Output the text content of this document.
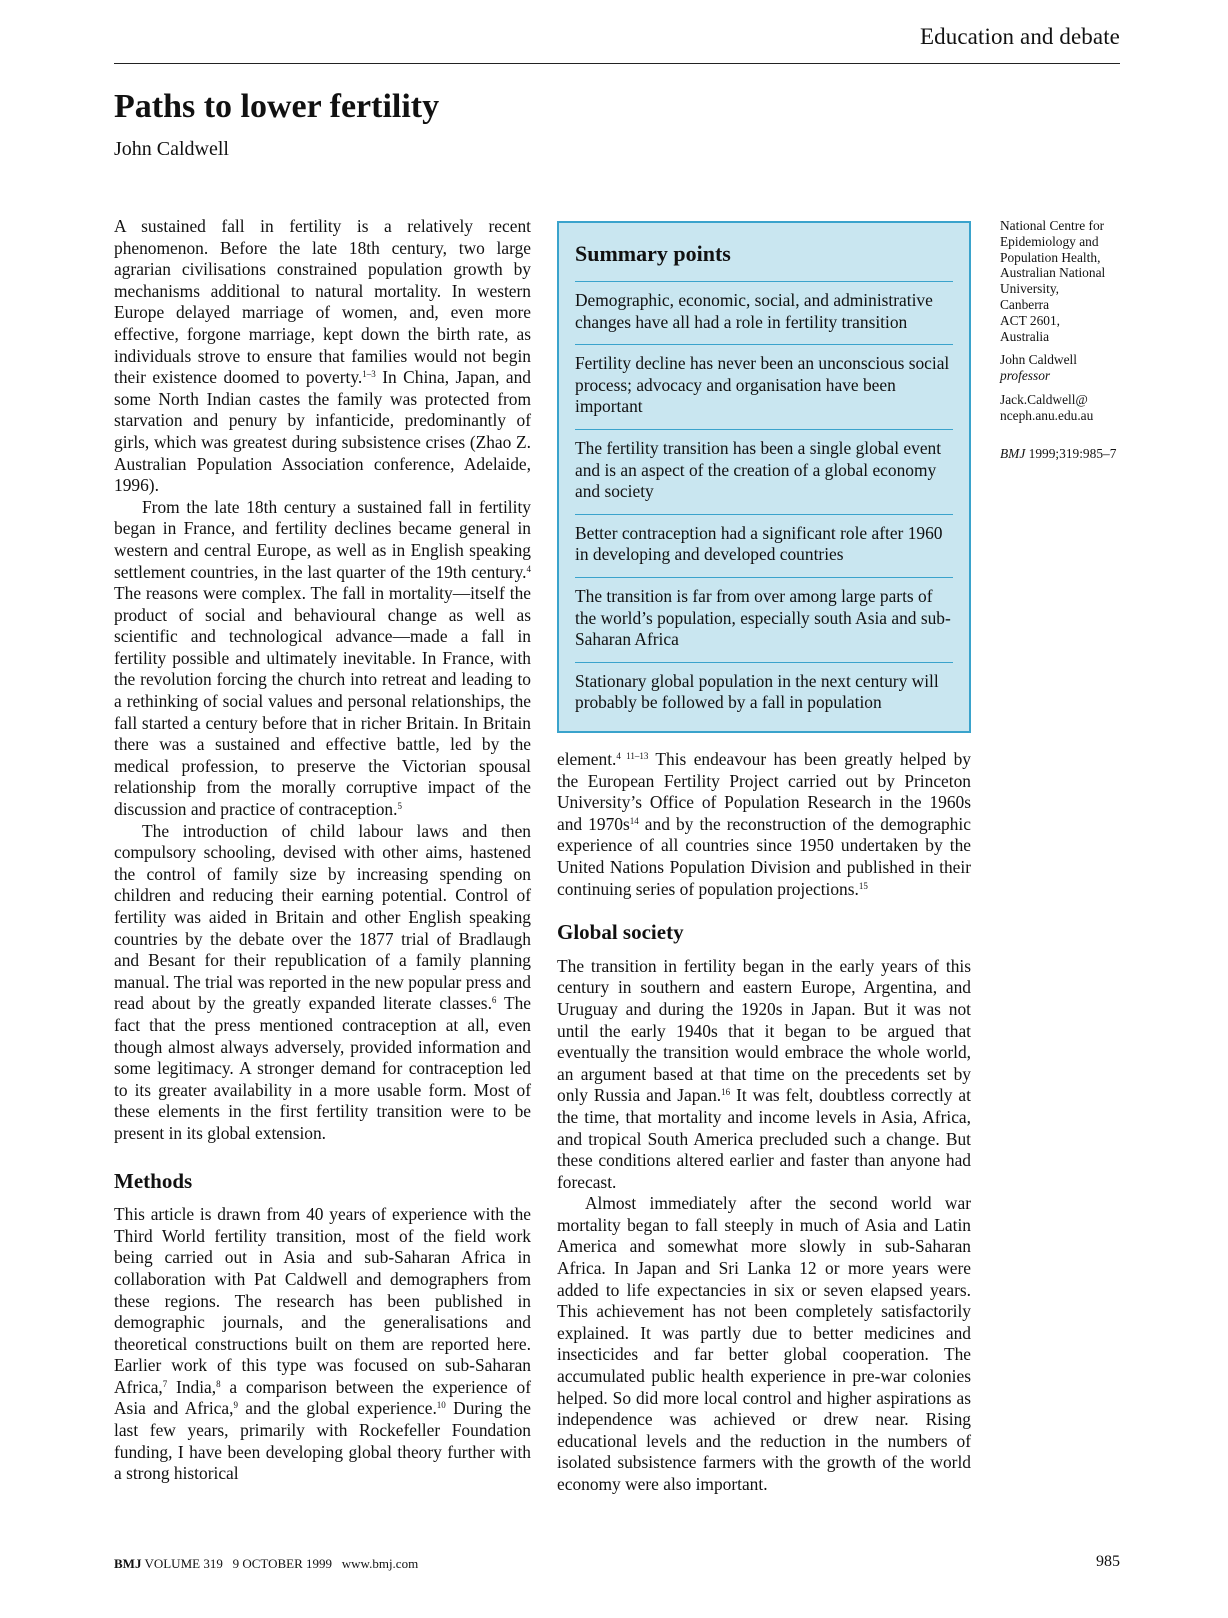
Education and debate
Paths to lower fertility
John Caldwell

A sustained fall in fertility is a relatively recent phenomenon. Before the late 18th century, two large agrarian civilisations constrained population growth by mechanisms additional to natural mortality. In western Europe delayed marriage of women, and, even more effective, forgone marriage, kept down the birth rate, as individuals strove to ensure that families would not begin their existence doomed to poverty.$^{1-3}$ In China, Japan, and some North Indian castes the family was protected from starvation and penury by infanticide, predominantly of girls, which was greatest during subsistence crises (Zhao Z. Australian Population Association conference, Adelaide, 1996).

From the late 18th century a sustained fall in fertility began in France, and fertility declines became general in western and central Europe, as well as in English speaking settlement countries, in the last quarter of the 19th century.$^4$ The reasons were complex. The fall in mortality—itself the product of social and behavioural change as well as scientific and technological advance—made a fall in fertility possible and ultimately inevitable. In France, with the revolution forcing the church into retreat and leading to a rethinking of social values and personal relationships, the fall started a century before that in richer Britain. In Britain there was a sustained and effective battle, led by the medical profession, to preserve the Victorian spousal relationship from the morally corruptive impact of the discussion and practice of contraception.$^5$

The introduction of child labour laws and then compulsory schooling, devised with other aims, hastened the control of family size by increasing spending on children and reducing their earning potential. Control of fertility was aided in Britain and other English speaking countries by the debate over the 1877 trial of Bradlaugh and Besant for their republication of a family planning manual. The trial was reported in the new popular press and read about by the greatly expanded literate classes.$^6$ The fact that the press mentioned contraception at all, even though almost always adversely, provided information and some legitimacy. A stronger demand for contraception led to its greater availability in a more usable form. Most of these elements in the first fertility transition were to be present in its global extension.

Methods

This article is drawn from 40 years of experience with the Third World fertility transition, most of the field work being carried out in Asia and sub-Saharan Africa in collaboration with Pat Caldwell and demographers from these regions. The research has been published in demographic journals, and the generalisations and theoretical constructions built on them are reported here. Earlier work of this type was focused on sub-Saharan Africa,$^7$ India,$^8$ a comparison between the experience of Asia and Africa,$^9$ and the global experience.$^{10}$ During the last few years, primarily with Rockefeller Foundation funding, I have been developing global theory further with a strong historical

Summary points
Demographic, economic, social, and administrative changes have all had a role in fertility transition
Fertility decline has never been an unconscious social process; advocacy and organisation have been important
The fertility transition has been a single global event and is an aspect of the creation of a global economy and society
Better contraception had a significant role after 1960 in developing and developed countries
The transition is far from over among large parts of the world’s population, especially south Asia and sub-Saharan Africa
Stationary global population in the next century will probably be followed by a fall in population

element.$^{4 11-13}$ This endeavour has been greatly helped by the European Fertility Project carried out by Princeton University’s Office of Population Research in the 1960s and $1970s^{14}$ and by the reconstruction of the demographic experience of all countries since 1950 undertaken by the United Nations Population Division and published in their continuing series of population projections.$^{15}$

Global society

The transition in fertility began in the early years of this century in southern and eastern Europe, Argentina, and Uruguay and during the 1920s in Japan. But it was not until the early 1940s that it began to be argued that eventually the transition would embrace the whole world, an argument based at that time on the precedents set by only Russia and Japan.$^{16}$ It was felt, doubtless correctly at the time, that mortality and income levels in Asia, Africa, and tropical South America precluded such a change. But these conditions altered earlier and faster than anyone had forecast.

Almost immediately after the second world war mortality began to fall steeply in much of Asia and Latin America and somewhat more slowly in sub-Saharan Africa. In Japan and Sri Lanka 12 or more years were added to life expectancies in six or seven elapsed years. This achievement has not been completely satisfactorily explained. It was partly due to better medicines and insecticides and far better global cooperation. The accumulated public health experience in pre-war colonies helped. So did more local control and higher aspirations as independence was achieved or drew near. Rising educational levels and the reduction in the numbers of isolated subsistence farmers with the growth of the world economy were also important.

National Centre for
Epidemiology and
Population Health,
Australian National
University,
Canberra
ACT 2601,
Australia
John Caldwell
professor
Jack.Caldwell@
nceph.anu.edu.au
BMJ 1999;319:985–7
BMJ VOLUME 319 9 OCTOBER 1999 www.bmj.com	985
